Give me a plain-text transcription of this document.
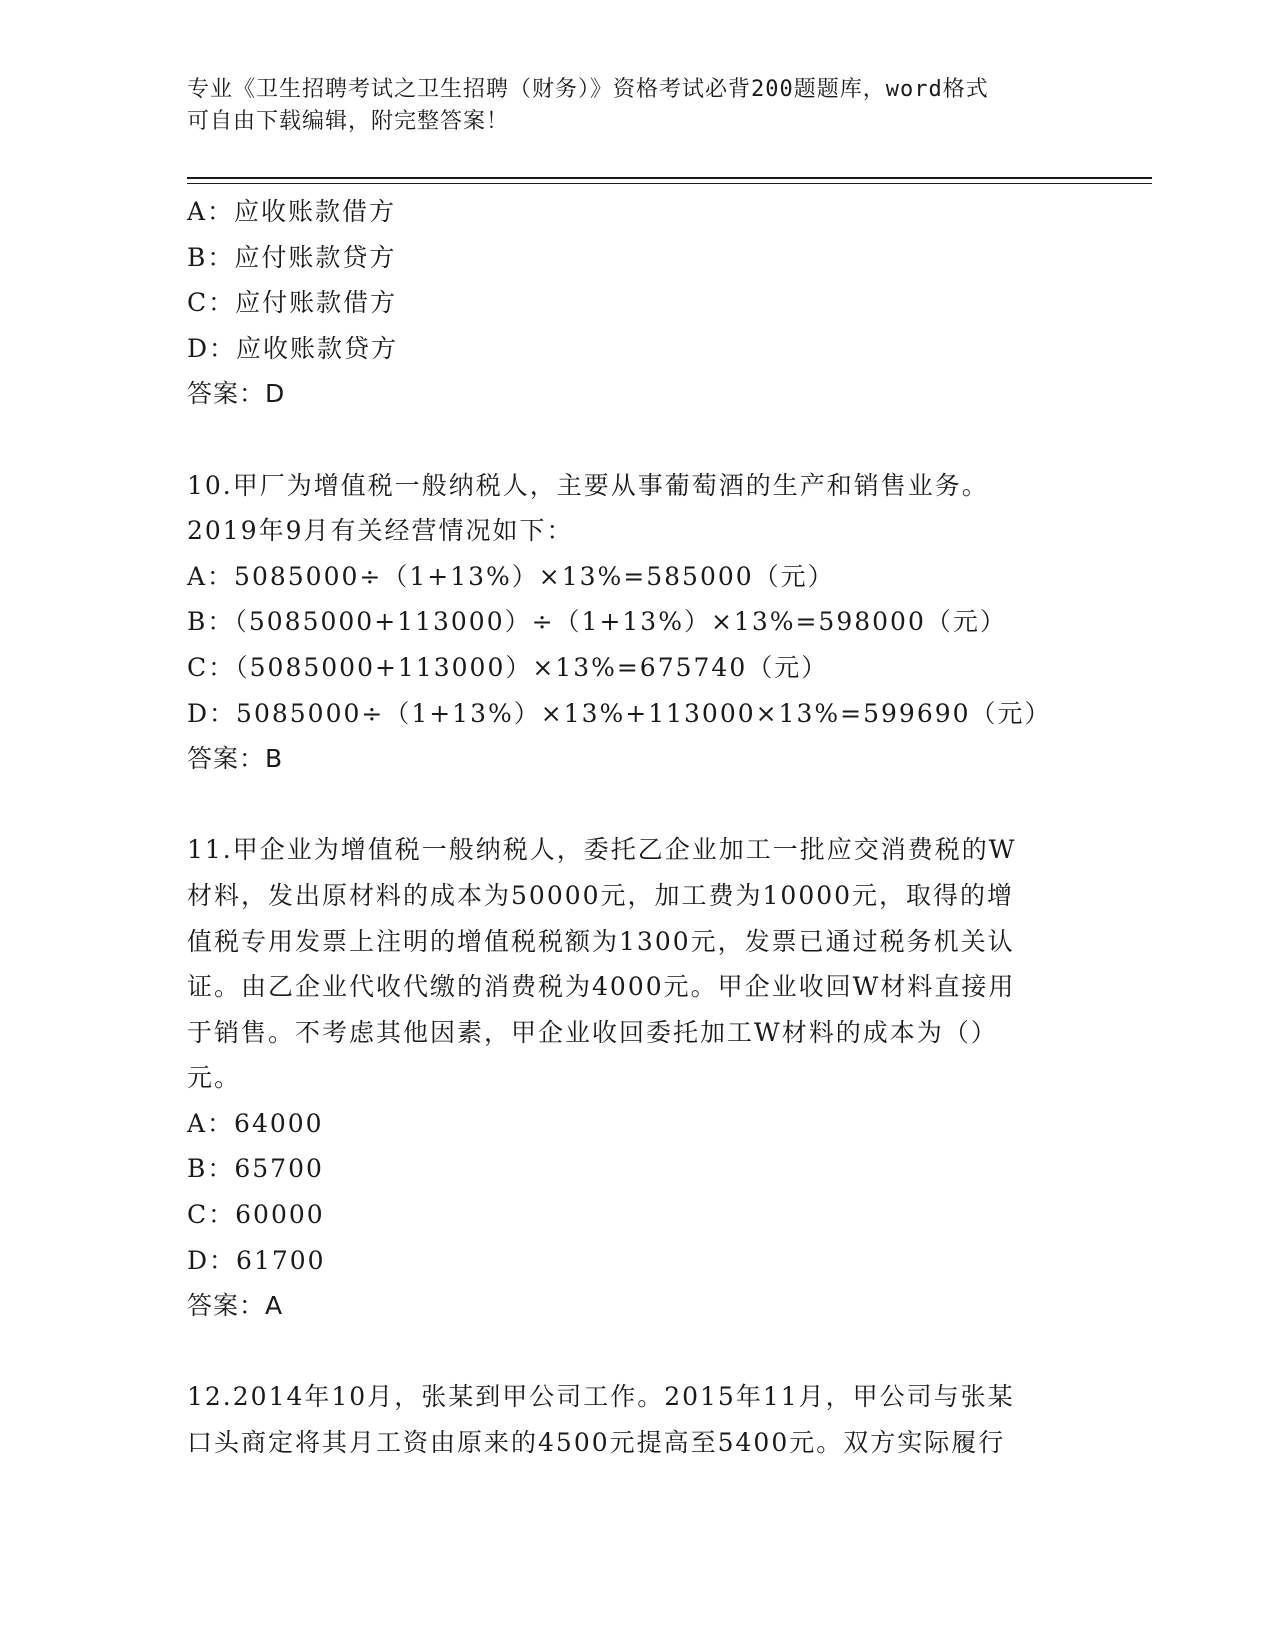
专业《卫生招聘考试之卫生招聘（财务）》资格考试必背200题题库，word格式
可自由下载编辑，附完整答案！
A：应收账款借方
B：应付账款贷方
C：应付账款借方
D：应收账款贷方
答案：D
10.甲厂为增值税一般纳税人，主要从事葡萄酒的生产和销售业务。
2019年9月有关经营情况如下：
A：5085000÷（1+13%）×13%=585000（元）
B：（5085000+113000）÷（1+13%）×13%=598000（元）
C：（5085000+113000）×13%=675740（元）
D：5085000÷（1+13%）×13%+113000×13%=599690（元）
答案：B
11.甲企业为增值税一般纳税人，委托乙企业加工一批应交消费税的W
材料，发出原材料的成本为50000元，加工费为10000元，取得的增
值税专用发票上注明的增值税税额为1300元，发票已通过税务机关认
证。由乙企业代收代缴的消费税为4000元。甲企业收回W材料直接用
于销售。不考虑其他因素，甲企业收回委托加工W材料的成本为（）
元。
A：64000
B：65700
C：60000
D：61700
答案：A
12.2014年10月，张某到甲公司工作。2015年11月，甲公司与张某
口头商定将其月工资由原来的4500元提高至5400元。双方实际履行
